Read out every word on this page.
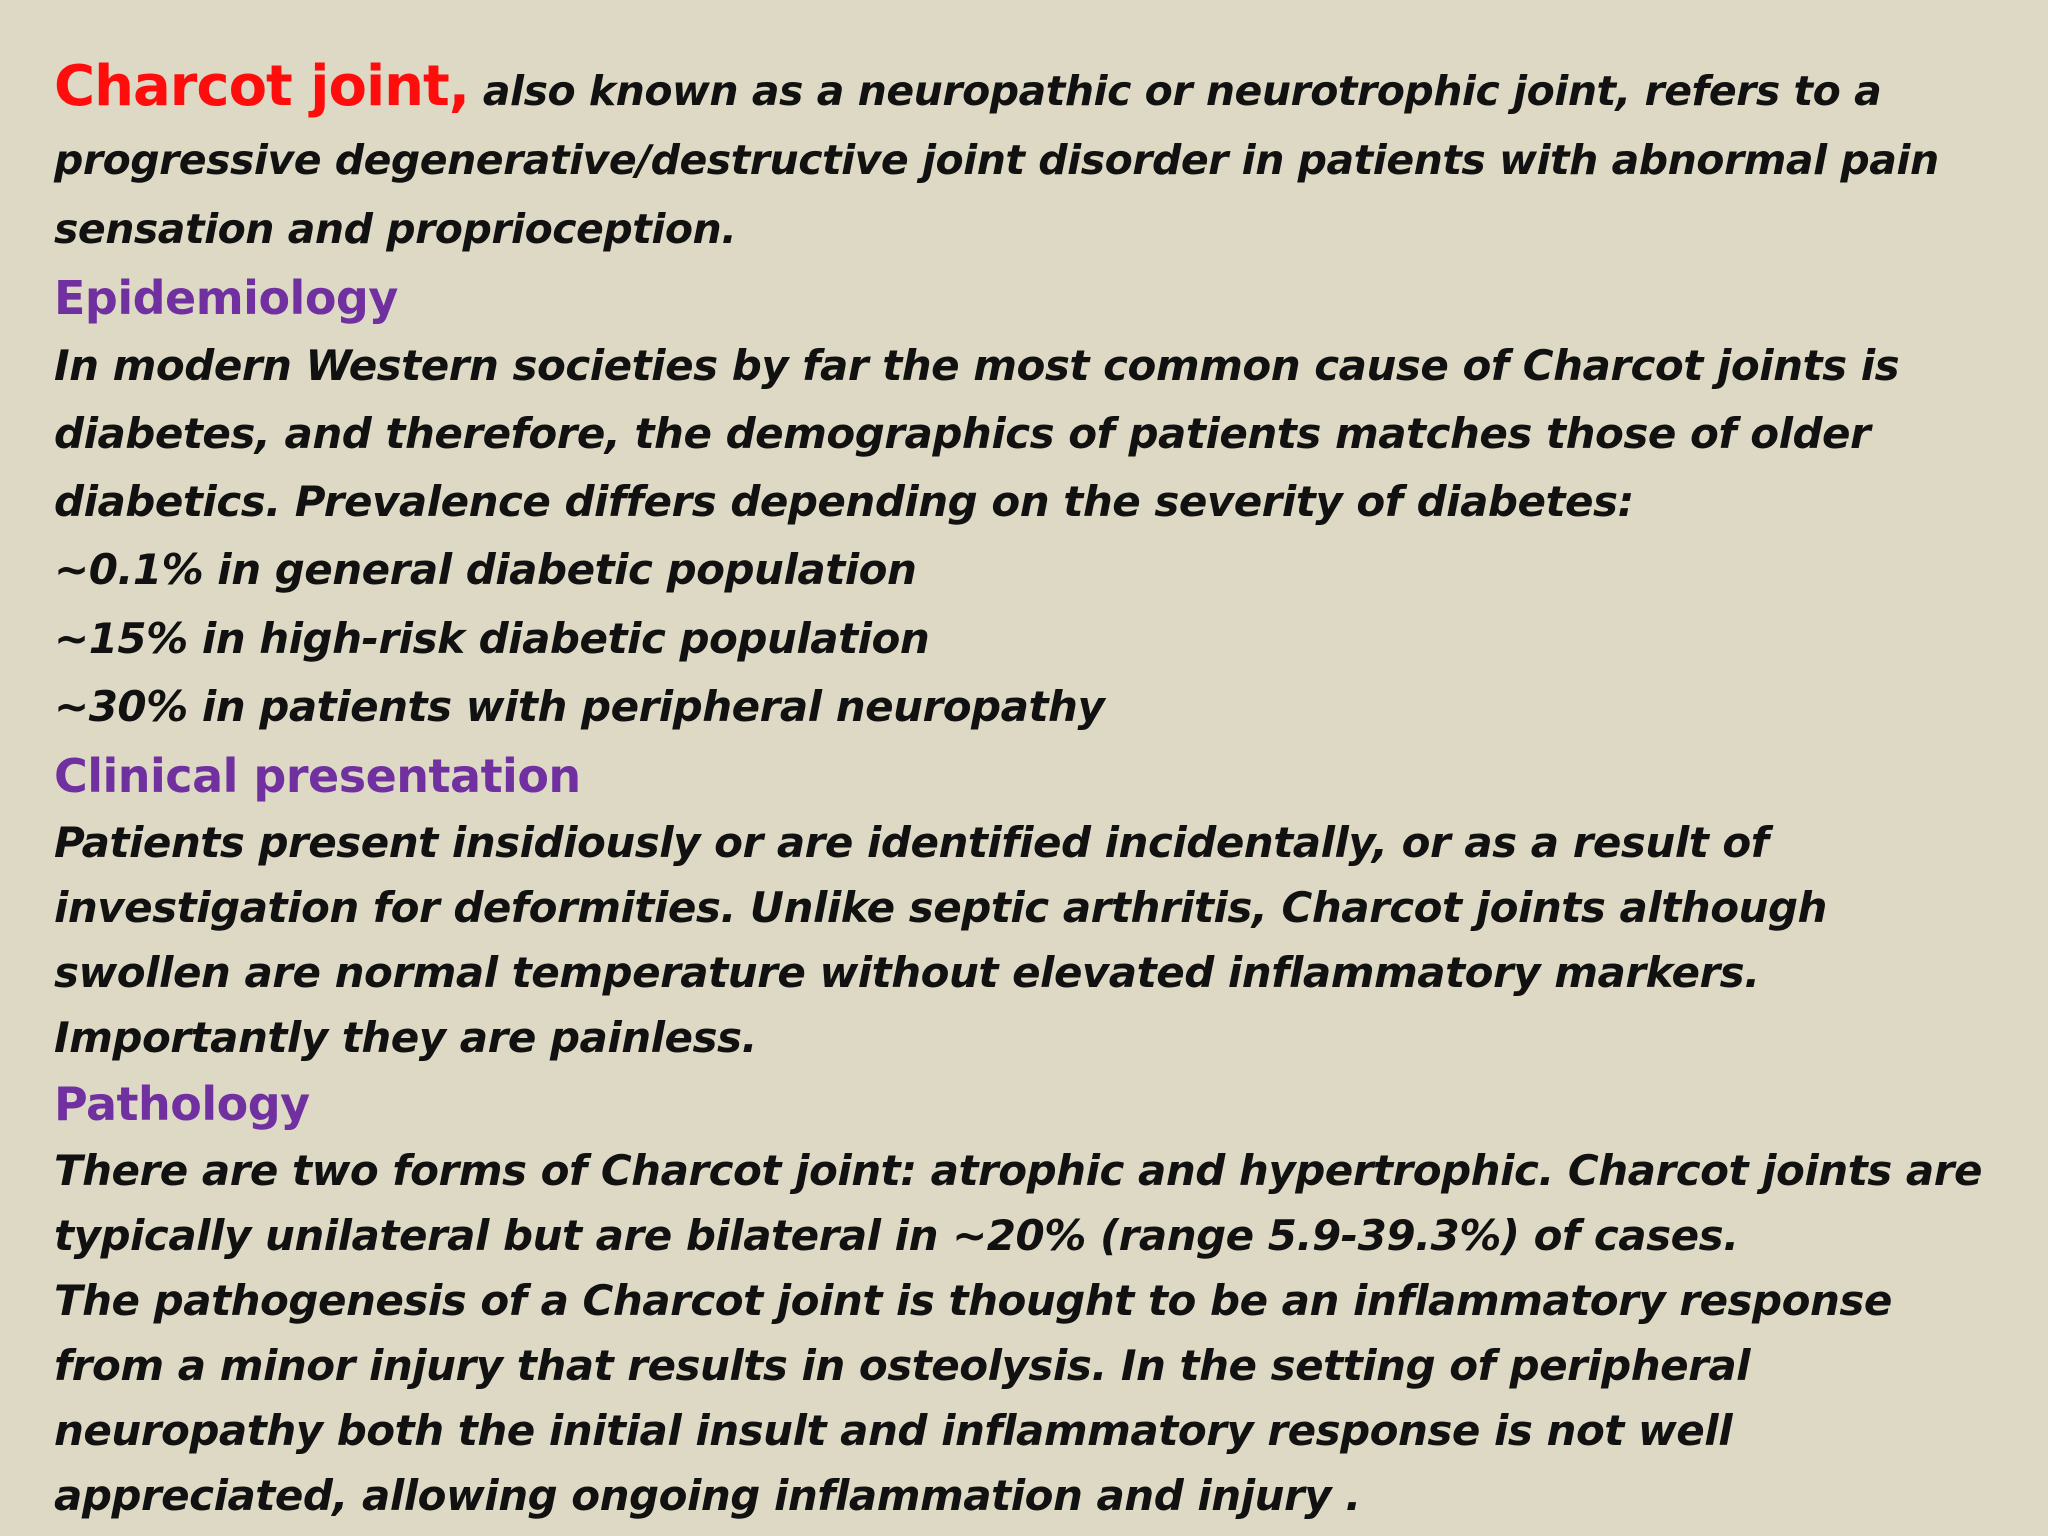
Charcot joint, also known as a neuropathic or neurotrophic joint, refers to a progressive degenerative/destructive joint disorder in patients with abnormal pain sensation and proprioception.

Epidemiology

In modern Western societies by far the most common cause of Charcot joints is diabetes, and therefore, the demographics of patients matches those of older diabetics. Prevalence differs depending on the severity of diabetes:

~0.1% in general diabetic population

~15% in high-risk diabetic population

~30% in patients with peripheral neuropathy

Clinical presentation

Patients present insidiously or are identified incidentally, or as a result of investigation for deformities. Unlike septic arthritis, Charcot joints although swollen are normal temperature without elevated inflammatory markers. Importantly they are painless.

Pathology

There are two forms of Charcot joint: atrophic and hypertrophic. Charcot joints are typically unilateral but are bilateral in ~20% (range 5.9-39.3%) of cases.

The pathogenesis of a Charcot joint is thought to be an inflammatory response from a minor injury that results in osteolysis. In the setting of peripheral neuropathy both the initial insult and inflammatory response is not well appreciated, allowing ongoing inflammation and injury .
